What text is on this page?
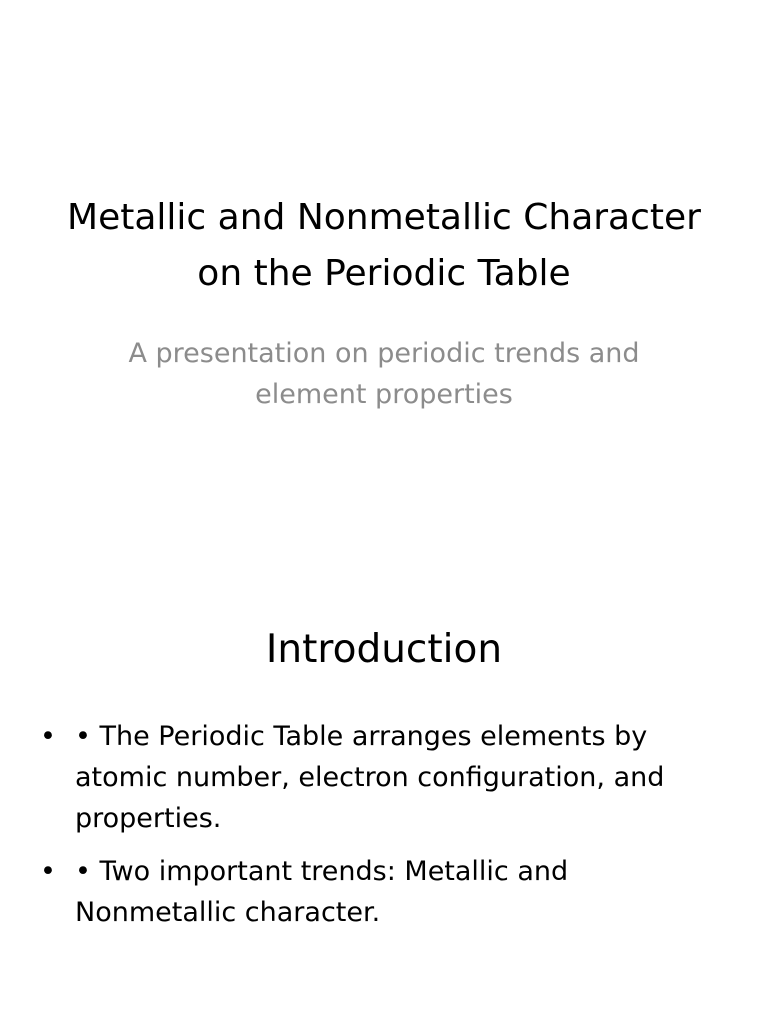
Metallic and Nonmetallic Character on the Periodic Table

A presentation on periodic trends and element properties

Introduction
• • The Periodic Table arranges elements by atomic number, electron configuration, and properties.
• • Two important trends: Metallic and Nonmetallic character.
